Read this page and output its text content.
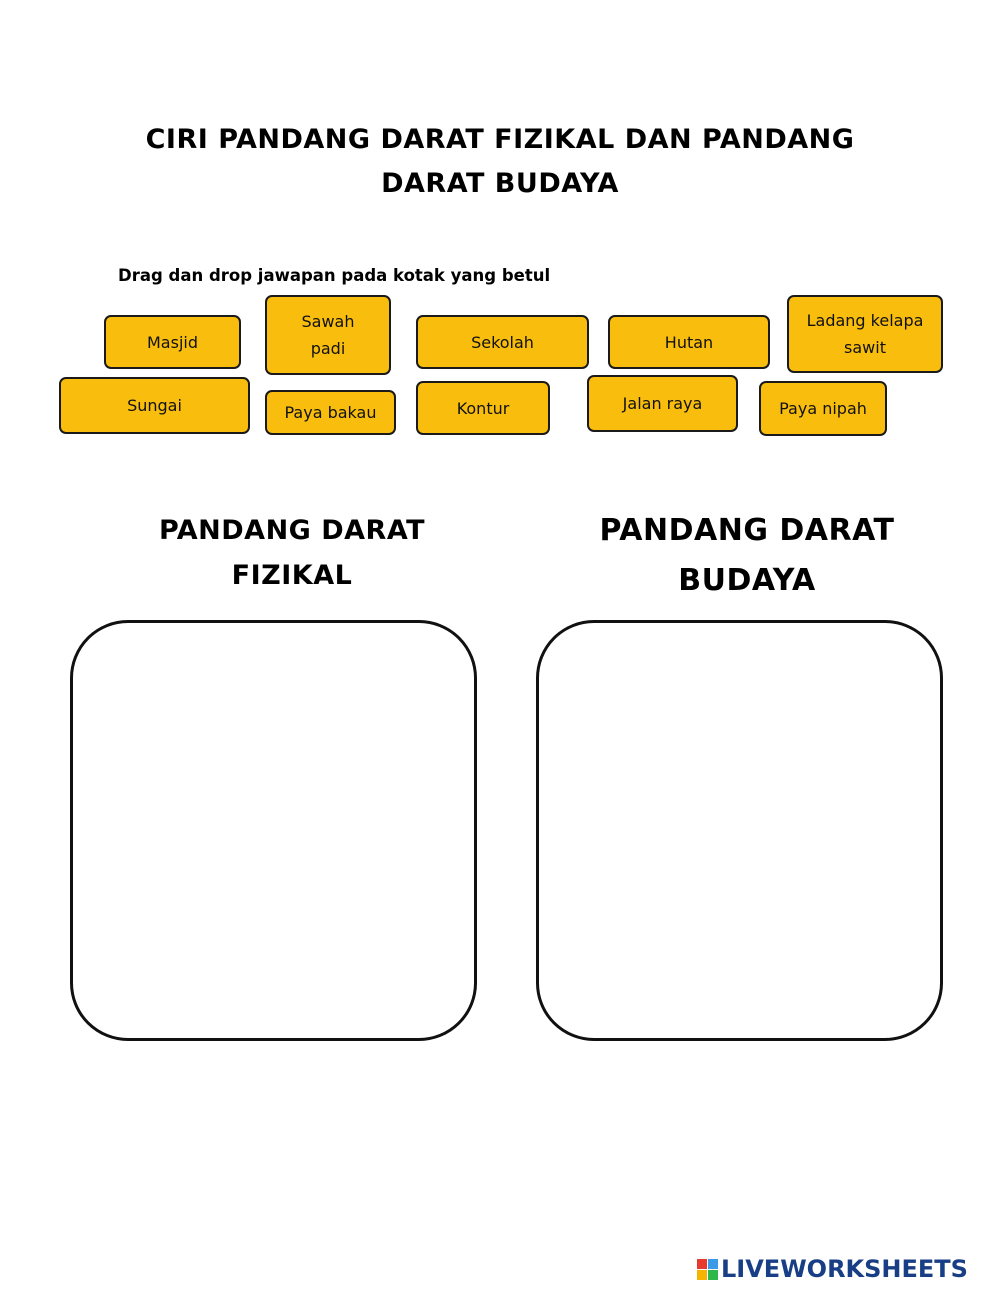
CIRI PANDANG DARAT FIZIKAL DAN PANDANG
DARAT BUDAYA
Drag dan drop jawapan pada kotak yang betul
Masjid
Sawah
padi	Sekolah	Hutan
Ladang kelapa
sawit
Sungai	Paya bakau	Kontur	Jalan raya	Paya nipah
PANDANG DARAT
FIZIKAL
PANDANG DARAT
BUDAYA
LIVEWORKSHEETS
